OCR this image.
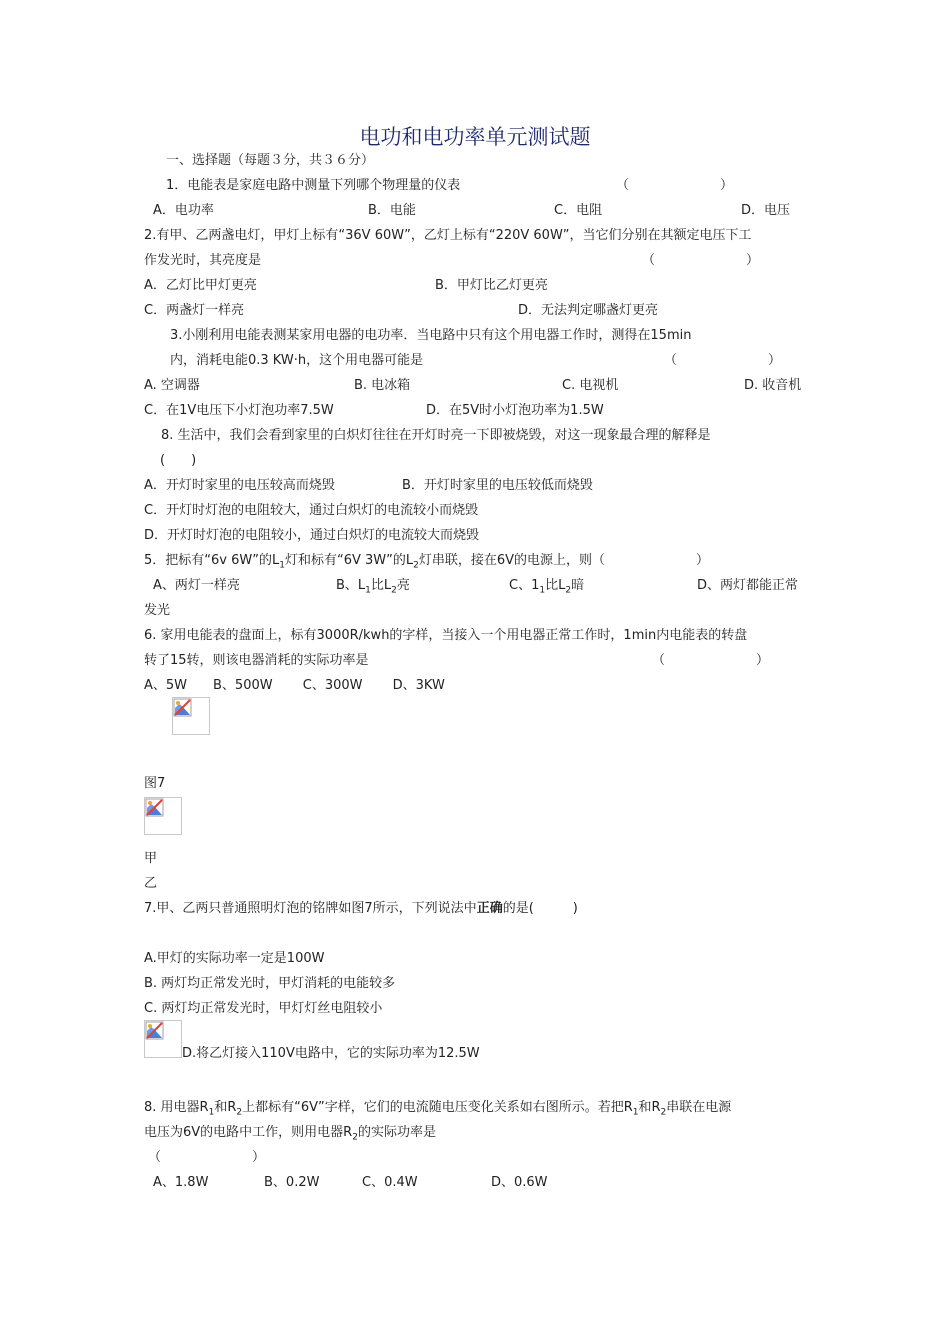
电功和电功率单元测试题
一、选择题（每题３分，共３６分）
1．电能表是家庭电路中测量下列哪个物理量的仪表	（　　　　　　　）
A．电功率	B．电能	C．电阻	D．电压
2.有甲、乙两盏电灯，甲灯上标有“36V 60W”，乙灯上标有“220V 60W”，当它们分别在其额定电压下工
作发光时，其亮度是	（　　　　　　　）
A．乙灯比甲灯更亮	B．甲灯比乙灯更亮
C．两盏灯一样亮	D．无法判定哪盏灯更亮
3.小刚利用电能表测某家用电器的电功率．当电路中只有这个用电器工作时，测得在15min
内，消耗电能0.3 KW·h，这个用电器可能是	（　　　　　　　）
A. 空调器	B. 电冰箱	C. 电视机	D. 收音机
C．在1V电压下小灯泡功率7.5W	D．在5V时小灯泡功率为1.5W
8. 生活中，我们会看到家里的白炽灯往往在开灯时亮一下即被烧毁，对这一现象最合理的解释是
(　　)
A．开灯时家里的电压较高而烧毁	B．开灯时家里的电压较低而烧毁
C．开灯时灯泡的电阻较大，通过白炽灯的电流较小而烧毁
D．开灯时灯泡的电阻较小，通过白炽灯的电流较大而烧毁
5．把标有“6v 6W”的$L_1$灯和标有“6V 3W”的$L_2$灯串联，接在6V的电源上，则（　　　　　　　）
A、两灯一样亮	B、$L_1$比$L_2$亮	C、$1_1$比$L_2$暗	D、两灯都能正常
发光
6. 家用电能表的盘面上，标有3000R/kwh的字样，当接入一个用电器正常工作时，1min内电能表的转盘
转了15转，则该电器消耗的实际功率是	（　　　　　　　）
A、5W　　B、500W　　 C、300W　　 D、3KW
图7
甲
乙
7.甲、乙两只普通照明灯泡的铭牌如图7所示，下列说法中正确的是(　　　)
A.甲灯的实际功率一定是100W
B. 两灯均正常发光时，甲灯消耗的电能较多
C. 两灯均正常发光时，甲灯灯丝电阻较小
D.将乙灯接入110V电路中，它的实际功率为12.5W
8. 用电器$R_1$和$R_2$上都标有“6V”字样，它们的电流随电压变化关系如右图所示。若把$R_1$和$R_2$串联在电源
电压为6V的电路中工作，则用电器$R_2$的实际功率是
（　　　　　　　）
A、1.8W	B、0.2W	C、0.4W	D、0.6W
